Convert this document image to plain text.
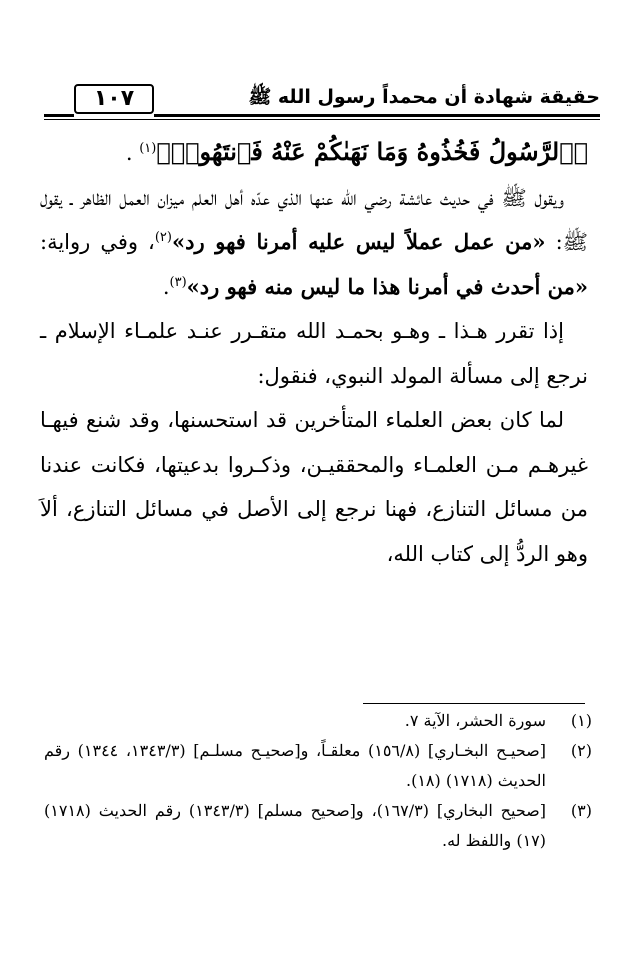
١٠٧	حقيقة شهادة أن محمداً رسول الله ﷺ

﴿ٱلرَّسُولُ فَخُذُوهُ وَمَا نَهَىٰكُمْ عَنْهُ فَٱنتَهُوا۟﴾$^{(١)}$ .

ويقول ﷺ في حديث عائشة رضي الله عنها الذي عدّه أهل العلم ميزان العمل الظاهر ـ يقول ﷺ: «من عمل عملاً ليس عليه أمرنا فهو رد»$^{(٢)}$، وفي رواية: «من أحدث في أمرنا هذا ما ليس منه فهو رد»$^{(٣)}$.

إذا تقرر هـذا ـ وهـو بحمـد الله متقـرر عنـد علمـاء الإسلام ـ نرجع إلى مسألة المولد النبوي، فنقول:

لما كان بعض العلماء المتأخرين قد استحسنها، وقد شنع فيهـا غيرهـم مـن العلمـاء والمحققيـن، وذكـروا بدعيتها، فكانت عندنا من مسائل التنازع، فهنا نرجع إلى الأصل في مسائل التنازع، ألاَ وهو الردُّ إلى كتاب الله،

(١)
سورة الحشر، الآية ٧.
(٢)
[صحيـح البخـاري] (١٥٦/٨) معلقـاً، و[صحيـح مسلـم] (١٣٤٣/٣، ١٣٤٤) رقم الحديث (١٧١٨) (١٨).
(٣)
[صحيح البخاري] (١٦٧/٣)، و[صحيح مسلم] (١٣٤٣/٣) رقم الحديث (١٧١٨) (١٧) واللفظ له.
